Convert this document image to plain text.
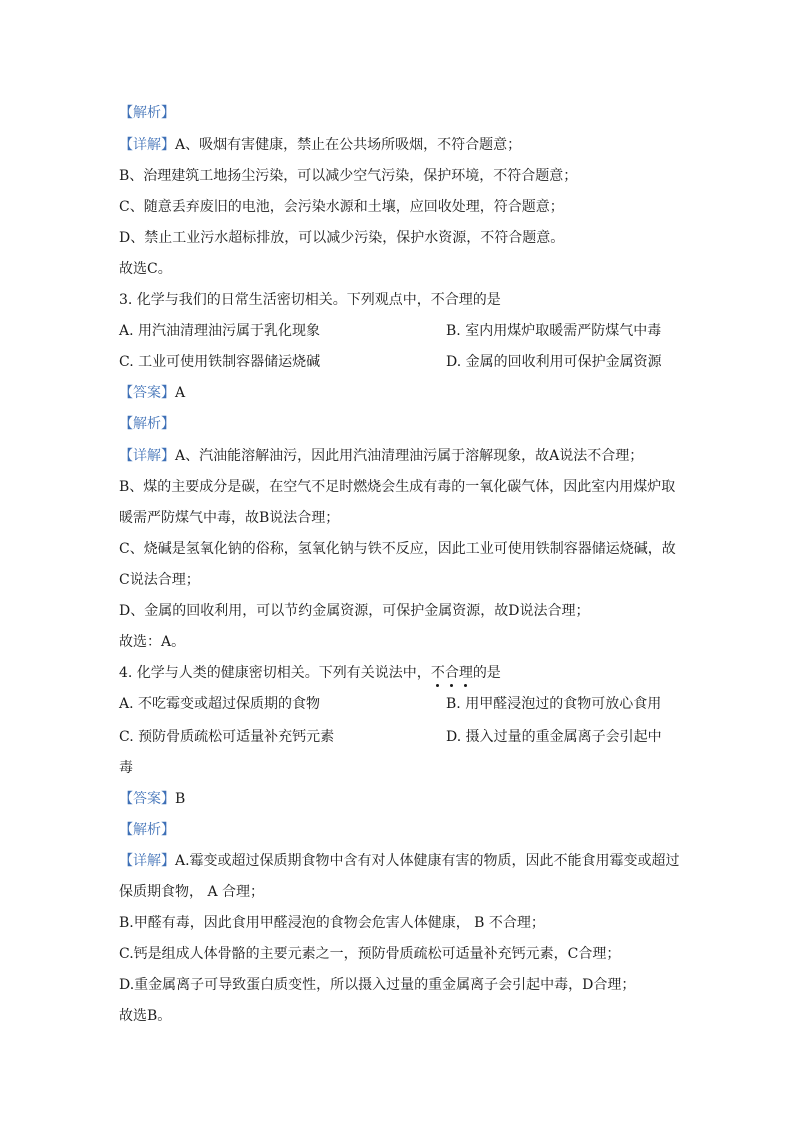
【解析】
【详解】A、吸烟有害健康，禁止在公共场所吸烟，不符合题意；
B、治理建筑工地扬尘污染，可以减少空气污染，保护环境，不符合题意；
C、随意丢弃废旧的电池，会污染水源和土壤，应回收处理，符合题意；
D、禁止工业污水超标排放，可以减少污染，保护水资源，不符合题意。
故选C。
3. 化学与我们的日常生活密切相关。下列观点中，不合理的是
A. 用汽油清理油污属于乳化现象	B. 室内用煤炉取暖需严防煤气中毒
C. 工业可使用铁制容器储运烧碱	D. 金属的回收利用可保护金属资源
【答案】A
【解析】
【详解】A、汽油能溶解油污，因此用汽油清理油污属于溶解现象，故A说法不合理；
B、煤的主要成分是碳，在空气不足时燃烧会生成有毒的一氧化碳气体，因此室内用煤炉取
暖需严防煤气中毒，故B说法合理；
C、烧碱是氢氧化钠的俗称，氢氧化钠与铁不反应，因此工业可使用铁制容器储运烧碱，故
C说法合理；
D、金属的回收利用，可以节约金属资源，可保护金属资源，故D说法合理；
故选：A。
4. 化学与人类的健康密切相关。下列有关说法中，不合理的是
A. 不吃霉变或超过保质期的食物	B. 用甲醛浸泡过的食物可放心食用
C. 预防骨质疏松可适量补充钙元素	D. 摄入过量的重金属离子会引起中
毒
【答案】B
【解析】
【详解】A.霉变或超过保质期食物中含有对人体健康有害的物质，因此不能食用霉变或超过
保质期食物， A 合理；
B.甲醛有毒，因此食用甲醛浸泡的食物会危害人体健康， B 不合理；
C.钙是组成人体骨骼的主要元素之一，预防骨质疏松可适量补充钙元素，C合理；
D.重金属离子可导致蛋白质变性，所以摄入过量的重金属离子会引起中毒，D合理；
故选B。
